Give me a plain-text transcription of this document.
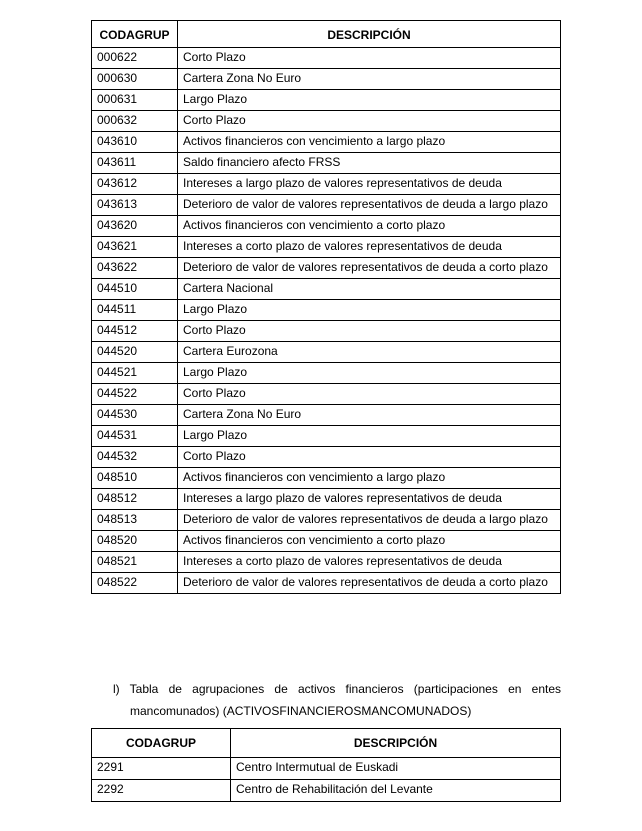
CODAGRUP	DESCRIPCIÓN
000622	Corto Plazo
000630	Cartera Zona No Euro
000631	Largo Plazo
000632	Corto Plazo
043610	Activos financieros con vencimiento a largo plazo
043611	Saldo financiero afecto FRSS
043612	Intereses a largo plazo de valores representativos de deuda
043613	Deterioro de valor de valores representativos de deuda a largo plazo
043620	Activos financieros con vencimiento a corto plazo
043621	Intereses a corto plazo de valores representativos de deuda
043622	Deterioro de valor de valores representativos de deuda a corto plazo
044510	Cartera Nacional
044511	Largo Plazo
044512	Corto Plazo
044520	Cartera Eurozona
044521	Largo Plazo
044522	Corto Plazo
044530	Cartera Zona No Euro
044531	Largo Plazo
044532	Corto Plazo
048510	Activos financieros con vencimiento a largo plazo
048512	Intereses a largo plazo de valores representativos de deuda
048513	Deterioro de valor de valores representativos de deuda a largo plazo
048520	Activos financieros con vencimiento a corto plazo
048521	Intereses a corto plazo de valores representativos de deuda
048522	Deterioro de valor de valores representativos de deuda a corto plazo
l) Tabla de agrupaciones de activos financieros (participaciones en entes
mancomunados) (ACTIVOSFINANCIEROSMANCOMUNADOS)
CODAGRUP	DESCRIPCIÓN
2291	Centro Intermutual de Euskadi
2292	Centro de Rehabilitación del Levante
